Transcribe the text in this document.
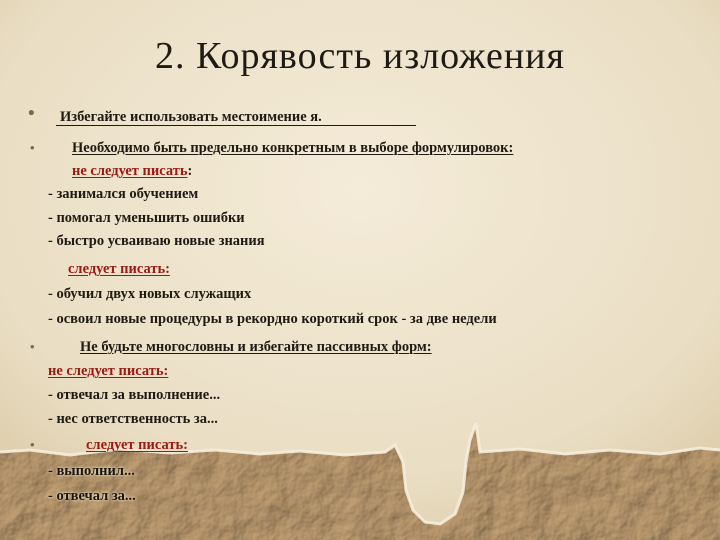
2. Корявость изложения
• Избегайте использовать местоимение я.
•	Необходимо быть предельно конкретным в выборе формулировок:
не следует писать:
- занимался обучением
- помогал уменьшить ошибки
- быстро усваиваю новые знания
следует писать:
- обучил двух новых служащих
- освоил новые процедуры в рекордно короткий срок - за две недели
•	Не будьте многословны и избегайте пассивных форм:
не следует писать:
- отвечал за выполнение...
- нес ответственность за...
•	следует писать:
- выполнил...
- отвечал за...
